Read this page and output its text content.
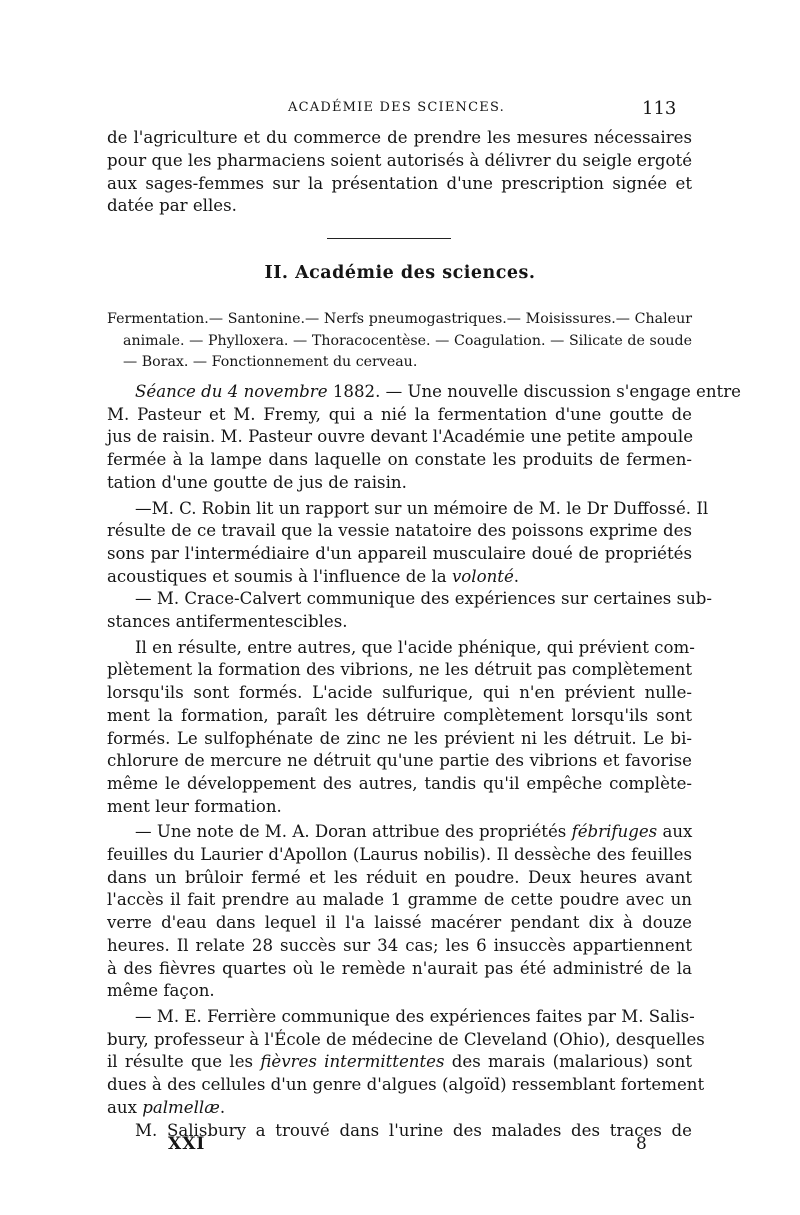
ACADÉMIE DES SCIENCES.	113
de l'agriculture et du commerce de prendre les mesures nécessaires
pour que les pharmaciens soient autorisés à délivrer du seigle ergoté
aux sages-femmes sur la présentation d'une prescription signée et
datée par elles.
II. Académie des sciences.
Fermentation.— Santonine.— Nerfs pneumogastriques.— Moisissures.— Chaleur
animale. — Phylloxera. — Thoracocentèse. — Coagulation. — Silicate de soude
— Borax. — Fonctionnement du cerveau.
Séance du 4 novembre 1882. — Une nouvelle discussion s'engage entre
M. Pasteur et M. Fremy, qui a nié la fermentation d'une goutte de
jus de raisin. M. Pasteur ouvre devant l'Académie une petite ampoule
fermée à la lampe dans laquelle on constate les produits de fermen-
tation d'une goutte de jus de raisin.
—M. C. Robin lit un rapport sur un mémoire de M. le Dr Duffossé. Il
résulte de ce travail que la vessie natatoire des poissons exprime des
sons par l'intermédiaire d'un appareil musculaire doué de propriétés
acoustiques et soumis à l'influence de la volonté.
— M. Crace-Calvert communique des expériences sur certaines sub-
stances antifermentescibles.
Il en résulte, entre autres, que l'acide phénique, qui prévient com-
plètement la formation des vibrions, ne les détruit pas complètement
lorsqu'ils sont formés. L'acide sulfurique, qui n'en prévient nulle-
ment la formation, paraît les détruire complètement lorsqu'ils sont
formés. Le sulfophénate de zinc ne les prévient ni les détruit. Le bi-
chlorure de mercure ne détruit qu'une partie des vibrions et favorise
même le développement des autres, tandis qu'il empêche complète-
ment leur formation.
— Une note de M. A. Doran attribue des propriétés fébrifuges aux
feuilles du Laurier d'Apollon (Laurus nobilis). Il dessèche des feuilles
dans un brûloir fermé et les réduit en poudre. Deux heures avant
l'accès il fait prendre au malade 1 gramme de cette poudre avec un
verre d'eau dans lequel il l'a laissé macérer pendant dix à douze
heures. Il relate 28 succès sur 34 cas; les 6 insuccès appartiennent
à des fièvres quartes où le remède n'aurait pas été administré de la
même façon.
— M. E. Ferrière communique des expériences faites par M. Salis-
bury, professeur à l'École de médecine de Cleveland (Ohio), desquelles
il résulte que les fièvres intermittentes des marais (malarious) sont
dues à des cellules d'un genre d'algues (algoïd) ressemblant fortement
aux palmellæ.
M. Salisbury a trouvé dans l'urine des malades des traces de
XXI	8
